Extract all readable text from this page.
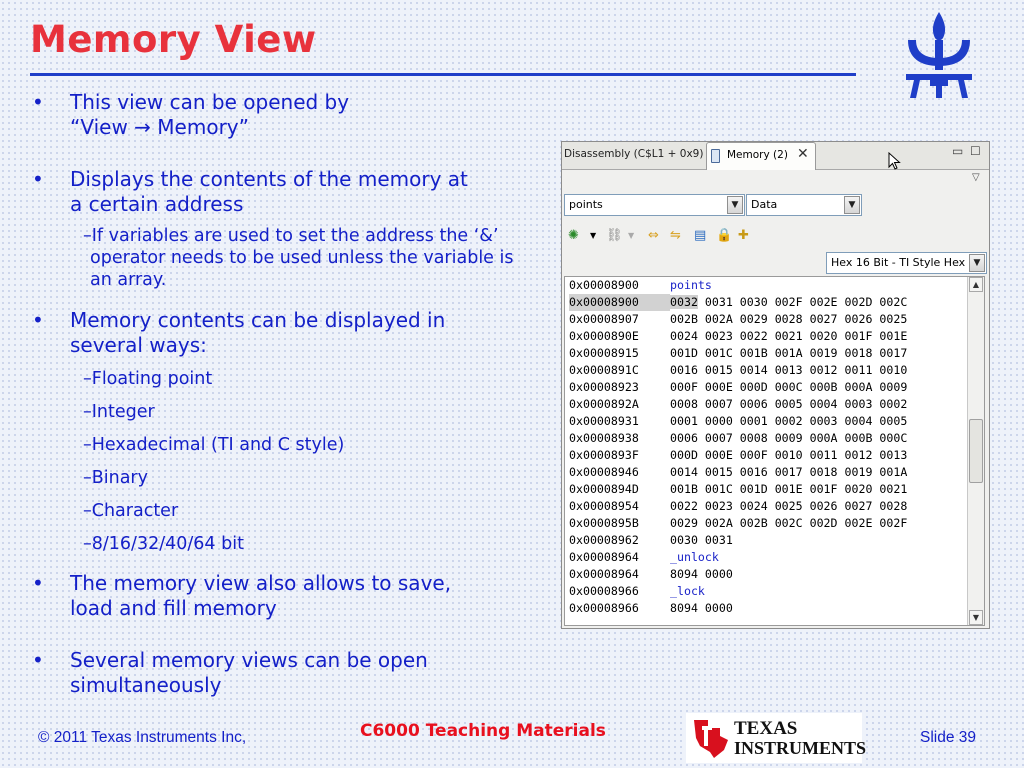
Memory View
• This view can be opened by
“View → Memory”
• Displays the contents of the memory at
a certain address
–If variables are used to set the address the ‘&’ operator needs to be used unless the variable is an array.
• Memory contents can be displayed in
several ways:
–Floating point
–Integer
–Hexadecimal (TI and C style)
–Binary
–Character
–8/16/32/40/64 bit
• The memory view also allows to save,
load and fill memory
• Several memory views can be open
simultaneously
Disassembly (C$L1 + 0x9) Memory (2) ✕	▭ ☐
▽
points	▼	Data	▼
✺ ▼ ⛓ ▼ ⇔ ⇋ ▤ 🔒 ✚
Hex 16 Bit - TI Style Hex ▼
0x00008900	points
0x00008900	0032 0031 0030 002F 002E 002D 002C
0x00008907	002B 002A 0029 0028 0027 0026 0025
0x0000890E	0024 0023 0022 0021 0020 001F 001E
0x00008915	001D 001C 001B 001A 0019 0018 0017
0x0000891C	0016 0015 0014 0013 0012 0011 0010
0x00008923	000F 000E 000D 000C 000B 000A 0009
0x0000892A	0008 0007 0006 0005 0004 0003 0002
0x00008931	0001 0000 0001 0002 0003 0004 0005
0x00008938	0006 0007 0008 0009 000A 000B 000C
0x0000893F	000D 000E 000F 0010 0011 0012 0013
0x00008946	0014 0015 0016 0017 0018 0019 001A
0x0000894D	001B 001C 001D 001E 001F 0020 0021
0x00008954	0022 0023 0024 0025 0026 0027 0028
0x0000895B	0029 002A 002B 002C 002D 002E 002F
0x00008962	0030 0031
0x00008964	_unlock
0x00008964	8094 0000
0x00008966	_lock
0x00008966	8094 0000
▲
▼
© 2011 Texas Instruments Inc,	C6000 Teaching Materials	TEXAS
INSTRUMENTS
Slide 39
